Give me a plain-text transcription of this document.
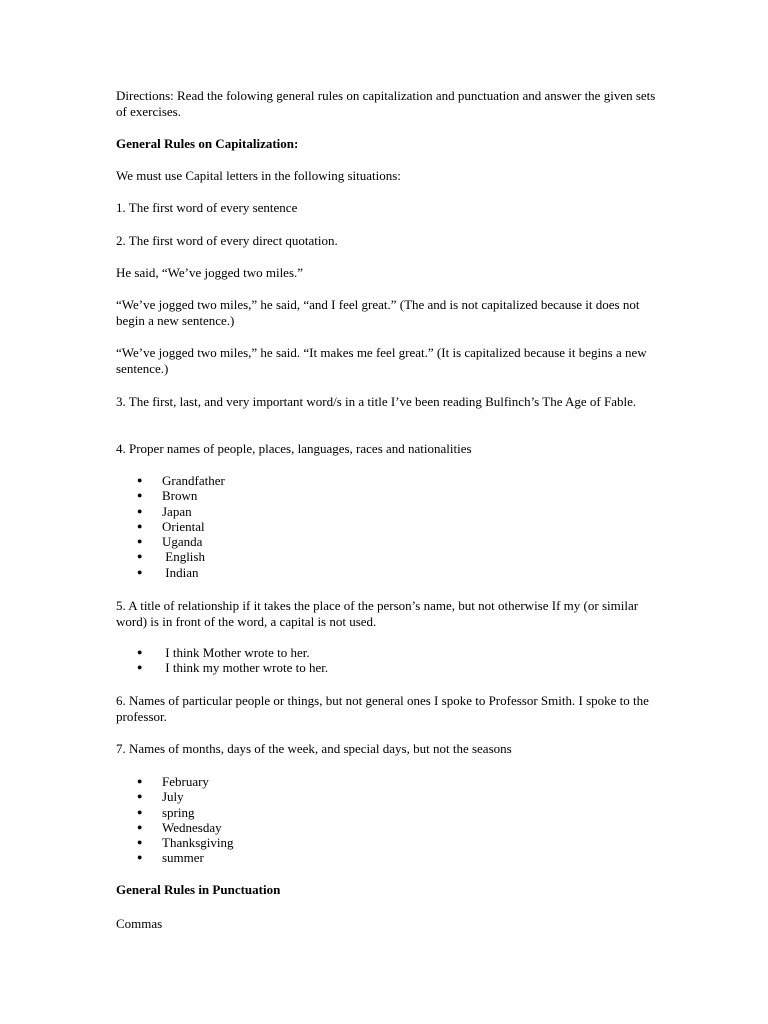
Directions: Read the folowing general rules on capitalization and punctuation and answer the given sets of exercises.

General Rules on Capitalization:

We must use Capital letters in the following situations:

1. The first word of every sentence

2. The first word of every direct quotation.

He said, “We’ve jogged two miles.”

“We’ve jogged two miles,” he said, “and I feel great.” (The and is not capitalized because it does not begin a new sentence.)

“We’ve jogged two miles,” he said. “It makes me feel great.” (It is capitalized because it begins a new sentence.)

3. The first, last, and very important word/s in a title I’ve been reading Bulfinch’s The Age of Fable.

4. Proper names of people, places, languages, races and nationalities

● Grandfather
● Brown
● Japan
● Oriental
● Uganda
● English
● Indian

5. A title of relationship if it takes the place of the person’s name, but not otherwise If my (or similar word) is in front of the word, a capital is not used.

● I think Mother wrote to her.
● I think my mother wrote to her.

6. Names of particular people or things, but not general ones I spoke to Professor Smith. I spoke to the professor.

7. Names of months, days of the week, and special days, but not the seasons

● February
● July
● spring
● Wednesday
● Thanksgiving
● summer

General Rules in Punctuation

Commas
